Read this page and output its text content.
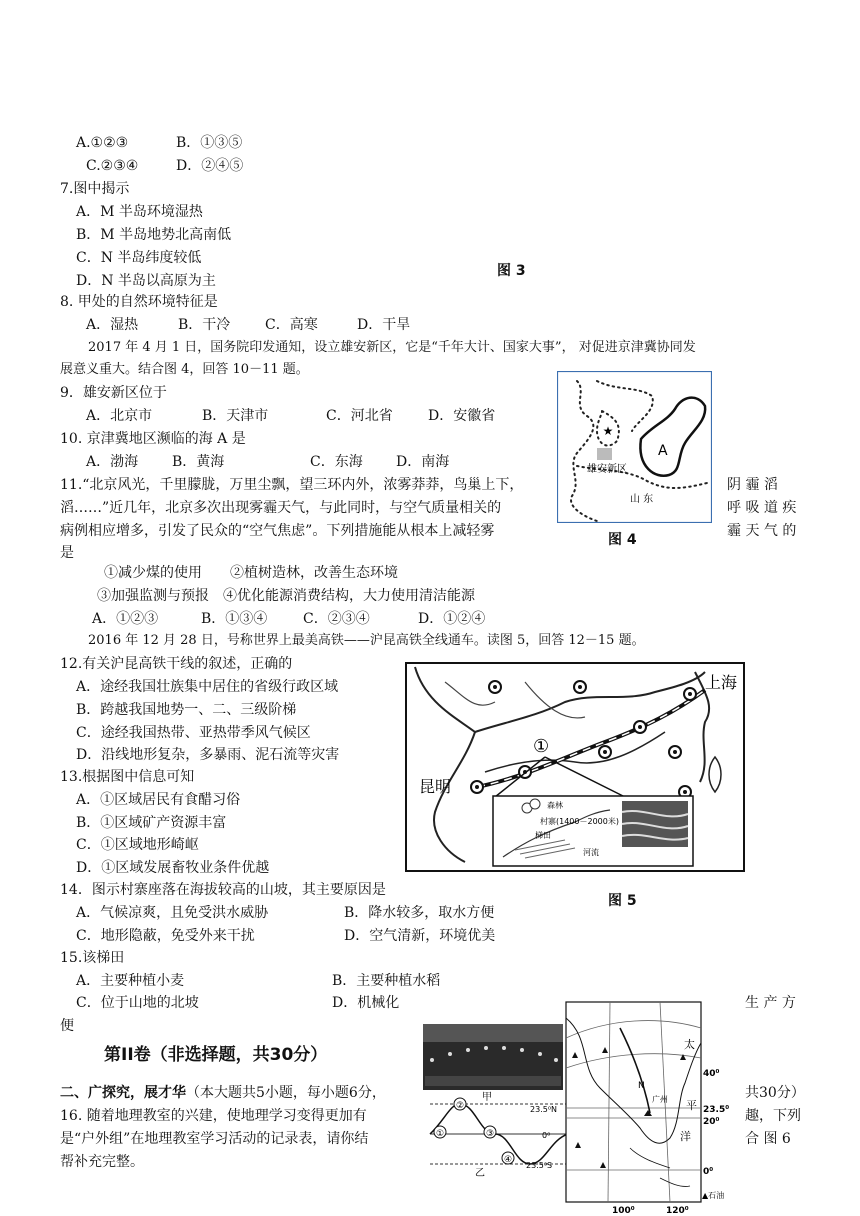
A.①②③	B．①③⑤
C.②③④	D．②④⑤
7.图中揭示
A．M 半岛环境湿热
B．M 半岛地势北高南低
C．N 半岛纬度较低
D．N 半岛以高原为主
图 3
8. 甲处的自然环境特征是
A．湿热	B．干冷 C．高寒	D．干旱
2017 年 4 月 1 日，国务院印发通知，设立雄安新区，它是“千年大计、国家大事”， 对促进京津冀协同发
展意义重大。结合图 4，回答 10－11 题。
9．雄安新区位于
A．北京市	B．天津市	C．河北省	D．安徽省
10. 京津冀地区濒临的海 A 是
A．渤海 B．黄海	C．东海 D．南海
★
A
雄安新区
山 东
图 4
11.“北京风光，千里朦胧，万里尘飘，望三环内外，浓雾莽莽，鸟巢上下，	阴 霾 滔
滔……”近几年，北京多次出现雾霾天气，与此同时，与空气质量相关的	呼 吸 道 疾
病例相应增多，引发了民众的“空气焦虑”。下列措施能从根本上减轻雾	霾 天 气 的
是
①减少煤的使用　　②植树造林，改善生态环境
③加强监测与预报　④优化能源消费结构，大力使用清洁能源
A．①②③	B．①③④	C．②③④	D．①②④
2016 年 12 月 28 日，号称世界上最美高铁——沪昆高铁全线通车。读图 5，回答 12－15 题。
12.有关沪昆高铁干线的叙述，正确的
A．途经我国壮族集中居住的省级行政区域
B．跨越我国地势一、二、三级阶梯
C．途经我国热带、亚热带季风气候区
D．沿线地形复杂，多暴雨、泥石流等灾害
13.根据图中信息可知
A．①区域居民有食醋习俗
B．①区域矿产资源丰富
C．①区域地形崎岖
D．①区域发展畜牧业条件优越
上海
昆明
①
森林
村寨(1400－2000米)
梯田
河流
图 5
14．图示村寨座落在海拔较高的山坡，其主要原因是
A．气候凉爽，且免受洪水威胁	B．降水较多，取水方便
C．地形隐蔽，免受外来干扰	D．空气清新，环境优美
15.该梯田
A．主要种植小麦	B．主要种植水稻
C．位于山地的北坡	D．机械化	生 产 方
便
第II卷（非选择题，共30分）
二、广探究，展才华（本大题共5小题，每小题6分，	共30分）
16. 随着地理教室的兴建，使地理学习变得更加有	趣，下列
是“户外组”在地理教室学习活动的记录表，请你结	合 图 6
帮补充完整。
甲
①
②
③
④
23.5⁰N
0⁰
23.5⁰S
乙
广州
N
太
平
洋
40⁰
23.5⁰
20⁰
0⁰
100⁰	120⁰
▲石油
